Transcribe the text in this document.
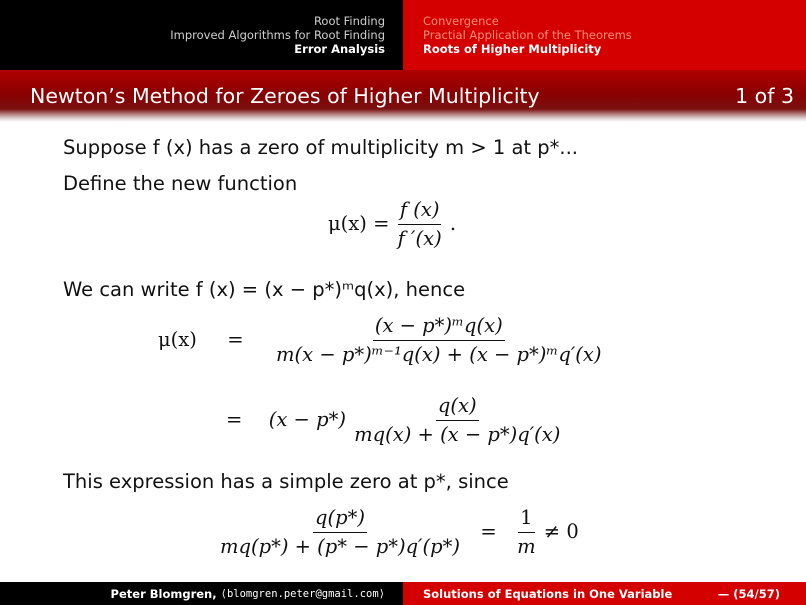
Root Finding
Improved Algorithms for Root Finding
Error Analysis
Convergence
Practial Application of the Theorems
Roots of Higher Multiplicity
Newton’s Method for Zeroes of Higher Multiplicity	1 of 3
Suppose f (x) has a zero of multiplicity m > 1 at p*...
Define the new function
$\mu(x) = \frac{f (x)}{f '(x)}$ .
We can write f (x) = (x − p*)ᵐq(x), hence
$\mu(x) = \frac{\text{(x − p*)ᵐq(x)}}{\text{m(x − p*)ᵐ⁻¹q(x) + (x − p*)ᵐq′(x)}}$
= $(x - p*) \frac{q(x)}{mq(x) + (x - p*)q'(x)}$
This expression has a simple zero at p*, since
$\frac{q(p*)}{mq(p*) + (p* - p*)q'(p*)} = \frac{1}{m} \ne 0$
Peter Blomgren,
⟨blomgren.peter@gmail.com⟩	Solutions of Equations in One Variable	— (54/57)
